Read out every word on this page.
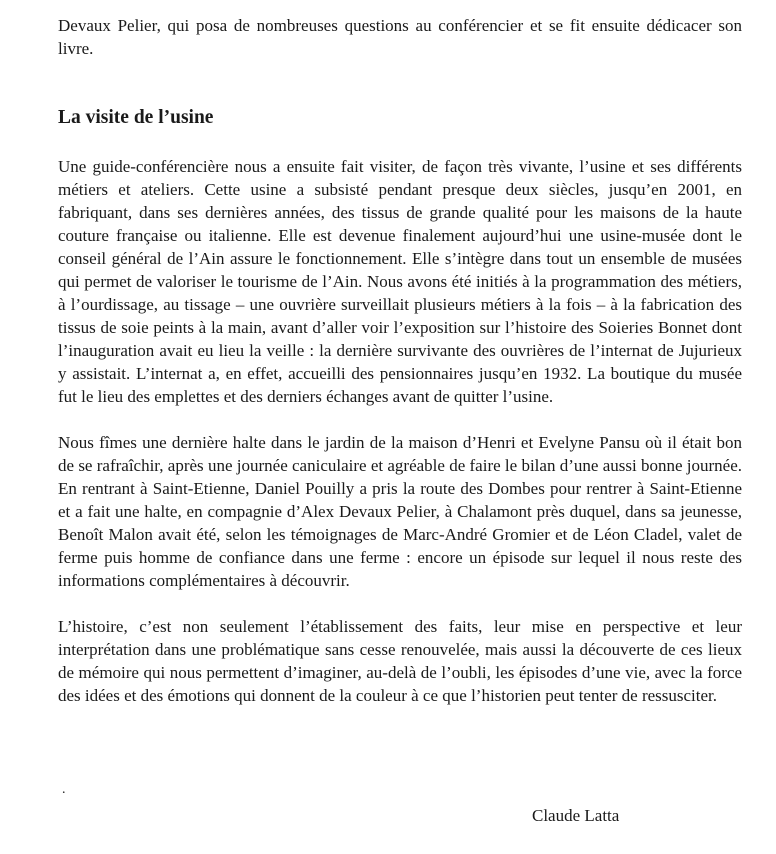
Devaux Pelier, qui posa de nombreuses questions au conférencier et se fit ensuite dédicacer son livre.

La visite de l’usine

Une guide-conférencière nous a ensuite fait visiter, de façon très vivante, l’usine et ses différents métiers et ateliers. Cette usine a subsisté pendant presque deux siècles, jusqu’en 2001, en fabriquant, dans ses dernières années, des tissus de grande qualité pour les maisons de la haute couture française ou italienne. Elle est devenue finalement aujourd’hui une usine-musée dont le conseil général de l’Ain assure le fonctionnement. Elle s’intègre dans tout un ensemble de musées qui permet de valoriser le tourisme de l’Ain. Nous avons été initiés à la programmation des métiers, à l’ourdissage, au tissage – une ouvrière surveillait plusieurs métiers à la fois – à la fabrication des tissus de soie peints à la main, avant d’aller voir l’exposition sur l’histoire des Soieries Bonnet dont l’inauguration avait eu lieu la veille : la dernière survivante des ouvrières de l’internat de Jujurieux y assistait. L’internat a, en effet, accueilli des pensionnaires jusqu’en 1932. La boutique du musée fut le lieu des emplettes et des derniers échanges avant de quitter l’usine.

Nous fîmes une dernière halte dans le jardin de la maison d’Henri et Evelyne Pansu où il était bon de se rafraîchir, après une journée caniculaire et agréable de faire le bilan d’une aussi bonne journée. En rentrant à Saint-Etienne, Daniel Pouilly a pris la route des Dombes pour rentrer à Saint-Etienne et a fait une halte, en compagnie d’Alex Devaux Pelier, à Chalamont près duquel, dans sa jeunesse, Benoît Malon avait été, selon les témoignages de Marc-André Gromier et de Léon Cladel, valet de ferme puis homme de confiance dans une ferme : encore un épisode sur lequel il nous reste des informations complémentaires à découvrir.

L’histoire, c’est non seulement l’établissement des faits, leur mise en perspective et leur interprétation dans une problématique sans cesse renouvelée, mais aussi la découverte de ces lieux de mémoire qui nous permettent d’imaginer, au-delà de l’oubli, les épisodes d’une vie, avec la force des idées et des émotions qui donnent de la couleur à ce que l’historien peut tenter de ressusciter.

.

Claude Latta
